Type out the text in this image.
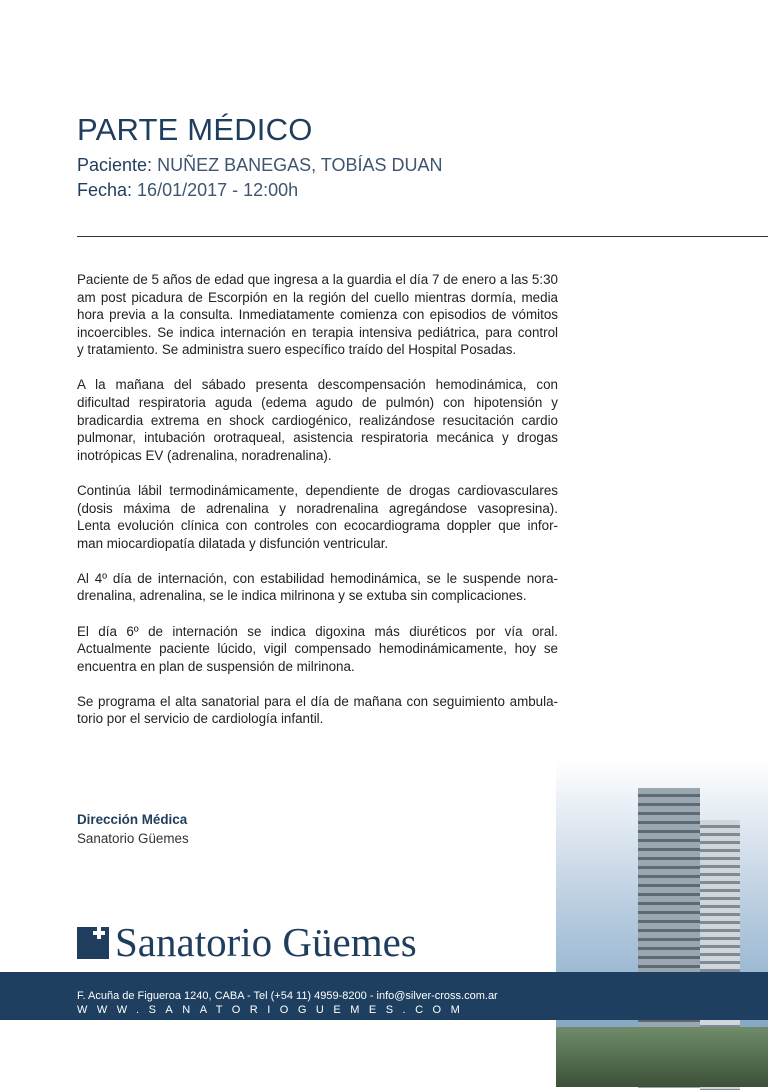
PARTE MÉDICO
Paciente: NUÑEZ BANEGAS, TOBÍAS DUAN
Fecha: 16/01/2017 - 12:00h
Paciente de 5 años de edad que ingresa a la guardia el día 7 de enero a las 5:30
am post picadura de Escorpión en la región del cuello mientras dormía, media
hora previa a la consulta. Inmediatamente comienza con episodios de vómitos
incoercibles. Se indica internación en terapia intensiva pediátrica, para control
y tratamiento. Se administra suero específico traído del Hospital Posadas.
A la mañana del sábado presenta descompensación hemodinámica, con
dificultad respiratoria aguda (edema agudo de pulmón) con hipotensión y
bradicardia extrema en shock cardiogénico, realizándose resucitación cardio
pulmonar, intubación orotraqueal, asistencia respiratoria mecánica y drogas
inotrópicas EV (adrenalina, noradrenalina).
Continúa lábil termodinámicamente, dependiente de drogas cardiovasculares
(dosis máxima de adrenalina y noradrenalina agregándose vasopresina).
Lenta evolución clínica con controles con ecocardiograma doppler que infor-
man miocardiopatía dilatada y disfunción ventricular.
Al 4º día de internación, con estabilidad hemodinámica, se le suspende nora-
drenalina, adrenalina, se le indica milrinona y se extuba sin complicaciones.
El día 6º de internación se indica digoxina más diuréticos por vía oral.
Actualmente paciente lúcido, vigil compensado hemodinámicamente, hoy se
encuentra en plan de suspensión de milrinona.
Se programa el alta sanatorial para el día de mañana con seguimiento ambula-
torio por el servicio de cardiología infantil.
Dirección Médica
Sanatorio Güemes
F. Acuña de Figueroa 1240, CABA - Tel (+54 11) 4959-8200 - info@silver-cross.com.ar
WWW.SANATORIOGUEMES.COM
Sanatorio Güemes
